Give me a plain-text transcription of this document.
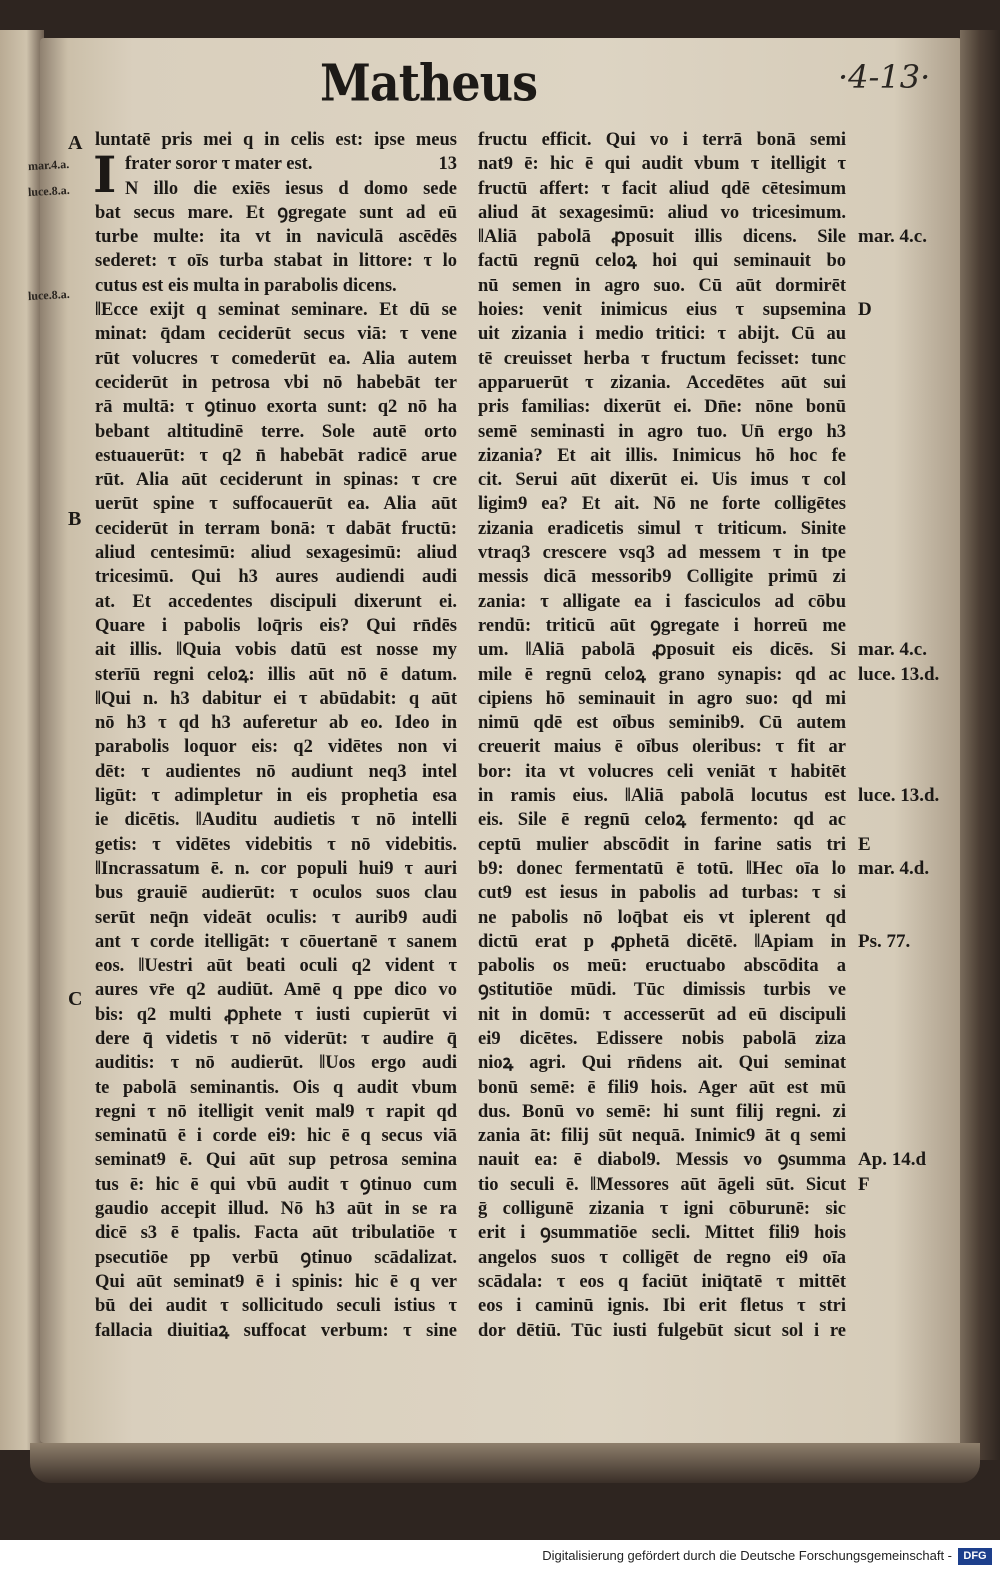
Matheus	·4-13·
mar.4.a.
luce.8.a.
luce.8.a.
A
B
C
I
luntatē pris mei q in celis est: ipse meus
frater soror τ mater est.	13
N illo die exiēs iesus d domo sede
bat secus mare. Et ꝯgregate sunt ad eū
turbe multe: ita vt in naviculā ascēdēs
sederet: τ oīs turba stabat in littore: τ lo
cutus est eis multa in parabolis dicens.
‖Ecce exijt q seminat seminare. Et dū se
minat: q̄dam ceciderūt secus viā: τ vene
rūt volucres τ comederūt ea. Alia autem
ceciderūt in petrosa vbi nō habebāt ter
rā multā: τ ꝯtinuo exorta sunt: q2 nō ha
bebant altitudinē terre. Sole autē orto
estuauerūt: τ q2 n̄ habebāt radicē arue
rūt. Alia aūt ceciderunt in spinas: τ cre
uerūt spine τ suffocauerūt ea. Alia aūt
ceciderūt in terram bonā: τ dabāt fructū:
aliud centesimū: aliud sexagesimū: aliud
tricesimū. Qui h3 aures audiendi audi
at. Et accedentes discipuli dixerunt ei.
Quare i pabolis loq̄ris eis? Qui rn̄dēs
ait illis. ‖Quia vobis datū est nosse my
sterīū regni celoꝝ: illis aūt nō ē datum.
‖Qui n. h3 dabitur ei τ abūdabit: q aūt
nō h3 τ qd h3 auferetur ab eo. Ideo in
parabolis loquor eis: q2 vidētes non vi
dēt: τ audientes nō audiunt neq3 intel
ligūt: τ adimpletur in eis prophetia esa
ie dicētis. ‖Auditu audietis τ nō intelli
getis: τ vidētes videbitis τ nō videbitis.
‖Incrassatum ē. n. cor populi hui9 τ auri
bus grauiē audierūt: τ oculos suos clau
serūt neq̄n videāt oculis: τ aurib9 audi
ant τ corde itelligāt: τ cōuertanē τ sanem
eos. ‖Uestri aūt beati oculi q2 vident τ
aures vr̄e q2 audiūt. Amē q ppe dico vo
bis: q2 multi ꝓphete τ iusti cupierūt vi
dere q̄ videtis τ nō viderūt: τ audire q̄
auditis: τ nō audierūt. ‖Uos ergo audi
te pabolā seminantis. Ois q audit vbum
regni τ nō itelligit venit mal9 τ rapit qd
seminatū ē i corde ei9: hic ē q secus viā
seminat9 ē. Qui aūt sup petrosa semina
tus ē: hic ē qui vbū audit τ ꝯtinuo cum
gaudio accepit illud. Nō h3 aūt in se ra
dicē s3 ē tpalis. Facta aūt tribulatiōe τ
psecutiōe pp verbū ꝯtinuo scādalizat.
Qui aūt seminat9 ē i spinis: hic ē q ver
bū dei audit τ sollicitudo seculi istius τ
fallacia diuitiaꝝ suffocat verbum: τ sine
fructu efficit. Qui vo i terrā bonā semi
nat9 ē: hic ē qui audit vbum τ itelligit τ
fructū affert: τ facit aliud qdē cētesimum
aliud āt sexagesimū: aliud vo tricesimum.
‖Aliā pabolā ꝓposuit illis dicens. Sile mar. 4.c.
factū regnū celoꝝ hoi qui seminauit bo
nū semen in agro suo. Cū aūt dormirēt
hoies: venit inimicus eius τ supsemina D
uit zizania i medio tritici: τ abijt. Cū au
tē creuisset herba τ fructum fecisset: tunc
apparuerūt τ zizania. Accedētes aūt sui
pris familias: dixerūt ei. Dn̄e: nōne bonū
semē seminasti in agro tuo. Un̄ ergo h3
zizania? Et ait illis. Inimicus hō hoc fe
cit. Serui aūt dixerūt ei. Uis imus τ col
ligim9 ea? Et ait. Nō ne forte colligētes
zizania eradicetis simul τ triticum. Sinite
vtraq3 crescere vsq3 ad messem τ in tpe
messis dicā messorib9 Colligite primū zi
zania: τ alligate ea i fasciculos ad cōbu
rendū: triticū aūt ꝯgregate i horreū me
um. ‖Aliā pabolā ꝓposuit eis dicēs. Si mar. 4.c.
mile ē regnū celoꝝ grano synapis: qd ac luce. 13.d.
cipiens hō seminauit in agro suo: qd mi
nimū qdē est oībus seminib9. Cū autem
creuerit maius ē oībus oleribus: τ fit ar
bor: ita vt volucres celi veniāt τ habitēt
in ramis eius. ‖Aliā pabolā locutus est luce. 13.d.
eis. Sile ē regnū celoꝝ fermento: qd ac
ceptū mulier abscōdit in farine satis tri E
b9: donec fermentatū ē totū. ‖Hec oīa lo mar. 4.d.
cut9 est iesus in pabolis ad turbas: τ si
ne pabolis nō loq̄bat eis vt iplerent qd
dictū erat p ꝓphetā dicētē. ‖Apiam in Ps. 77.
pabolis os meū: eructuabo abscōdita a
ꝯstitutiōe mūdi. Tūc dimissis turbis ve
nit in domū: τ accesserūt ad eū discipuli
ei9 dicētes. Edissere nobis pabolā ziza
nioꝝ agri. Qui rn̄dens ait. Qui seminat
bonū semē: ē fili9 hois. Ager aūt est mū
dus. Bonū vo semē: hi sunt filij regni. zi
zania āt: filij sūt nequā. Inimic9 āt q semi
nauit ea: ē diabol9. Messis vo ꝯsumma Ap. 14.d
tio seculi ē. ‖Messores aūt āgeli sūt. Sicut F
ḡ colligunē zizania τ igni cōburunē: sic
erit i ꝯsummatiōe secli. Mittet fili9 hois
angelos suos τ colligēt de regno ei9 oīa
scādala: τ eos q faciūt iniq̄tatē τ mittēt
eos i caminū ignis. Ibi erit fletus τ stri
dor dētiū. Tūc iusti fulgebūt sicut sol i re
Digitalisierung gefördert durch die Deutsche Forschungsgemeinschaft -	DFG
